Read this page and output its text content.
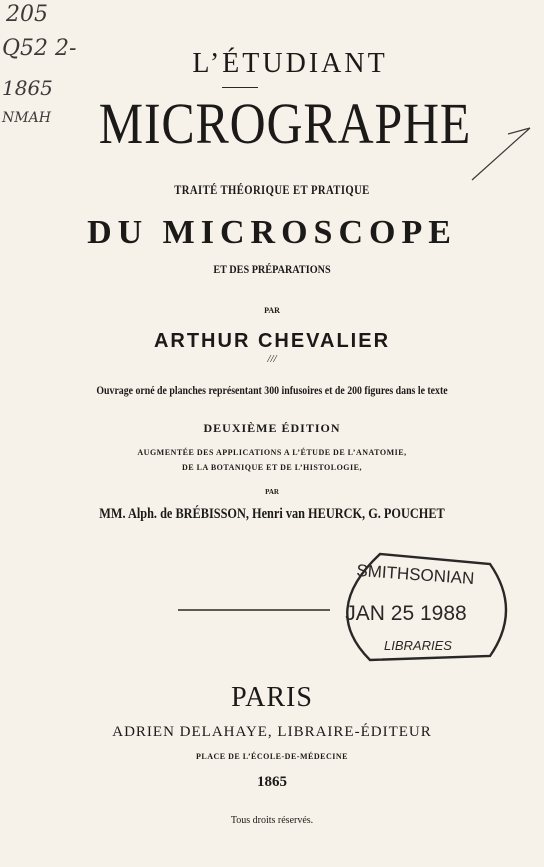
205
Q52 2-
1865
NMAH
L’ÉTUDIANT
MICROGRAPHE
TRAITÉ THÉORIQUE ET PRATIQUE
DU MICROSCOPE
ET DES PRÉPARATIONS
PAR
ARTHUR CHEVALIER
///
Ouvrage orné de planches représentant 300 infusoires et de 200 figures dans le texte
DEUXIÈME ÉDITION
AUGMENTÉE DES APPLICATIONS A L’ÉTUDE DE L’ANATOMIE,
DE LA BOTANIQUE ET DE L’HISTOLOGIE,
PAR
MM. Alph. de BRÉBISSON, Henri van HEURCK, G. POUCHET
SMITHSONIAN
JAN 25 1988
LIBRARIES
PARIS
ADRIEN DELAHAYE, LIBRAIRE-ÉDITEUR
PLACE DE L’ÉCOLE-DE-MÉDECINE
1865
Tous droits réservés.
